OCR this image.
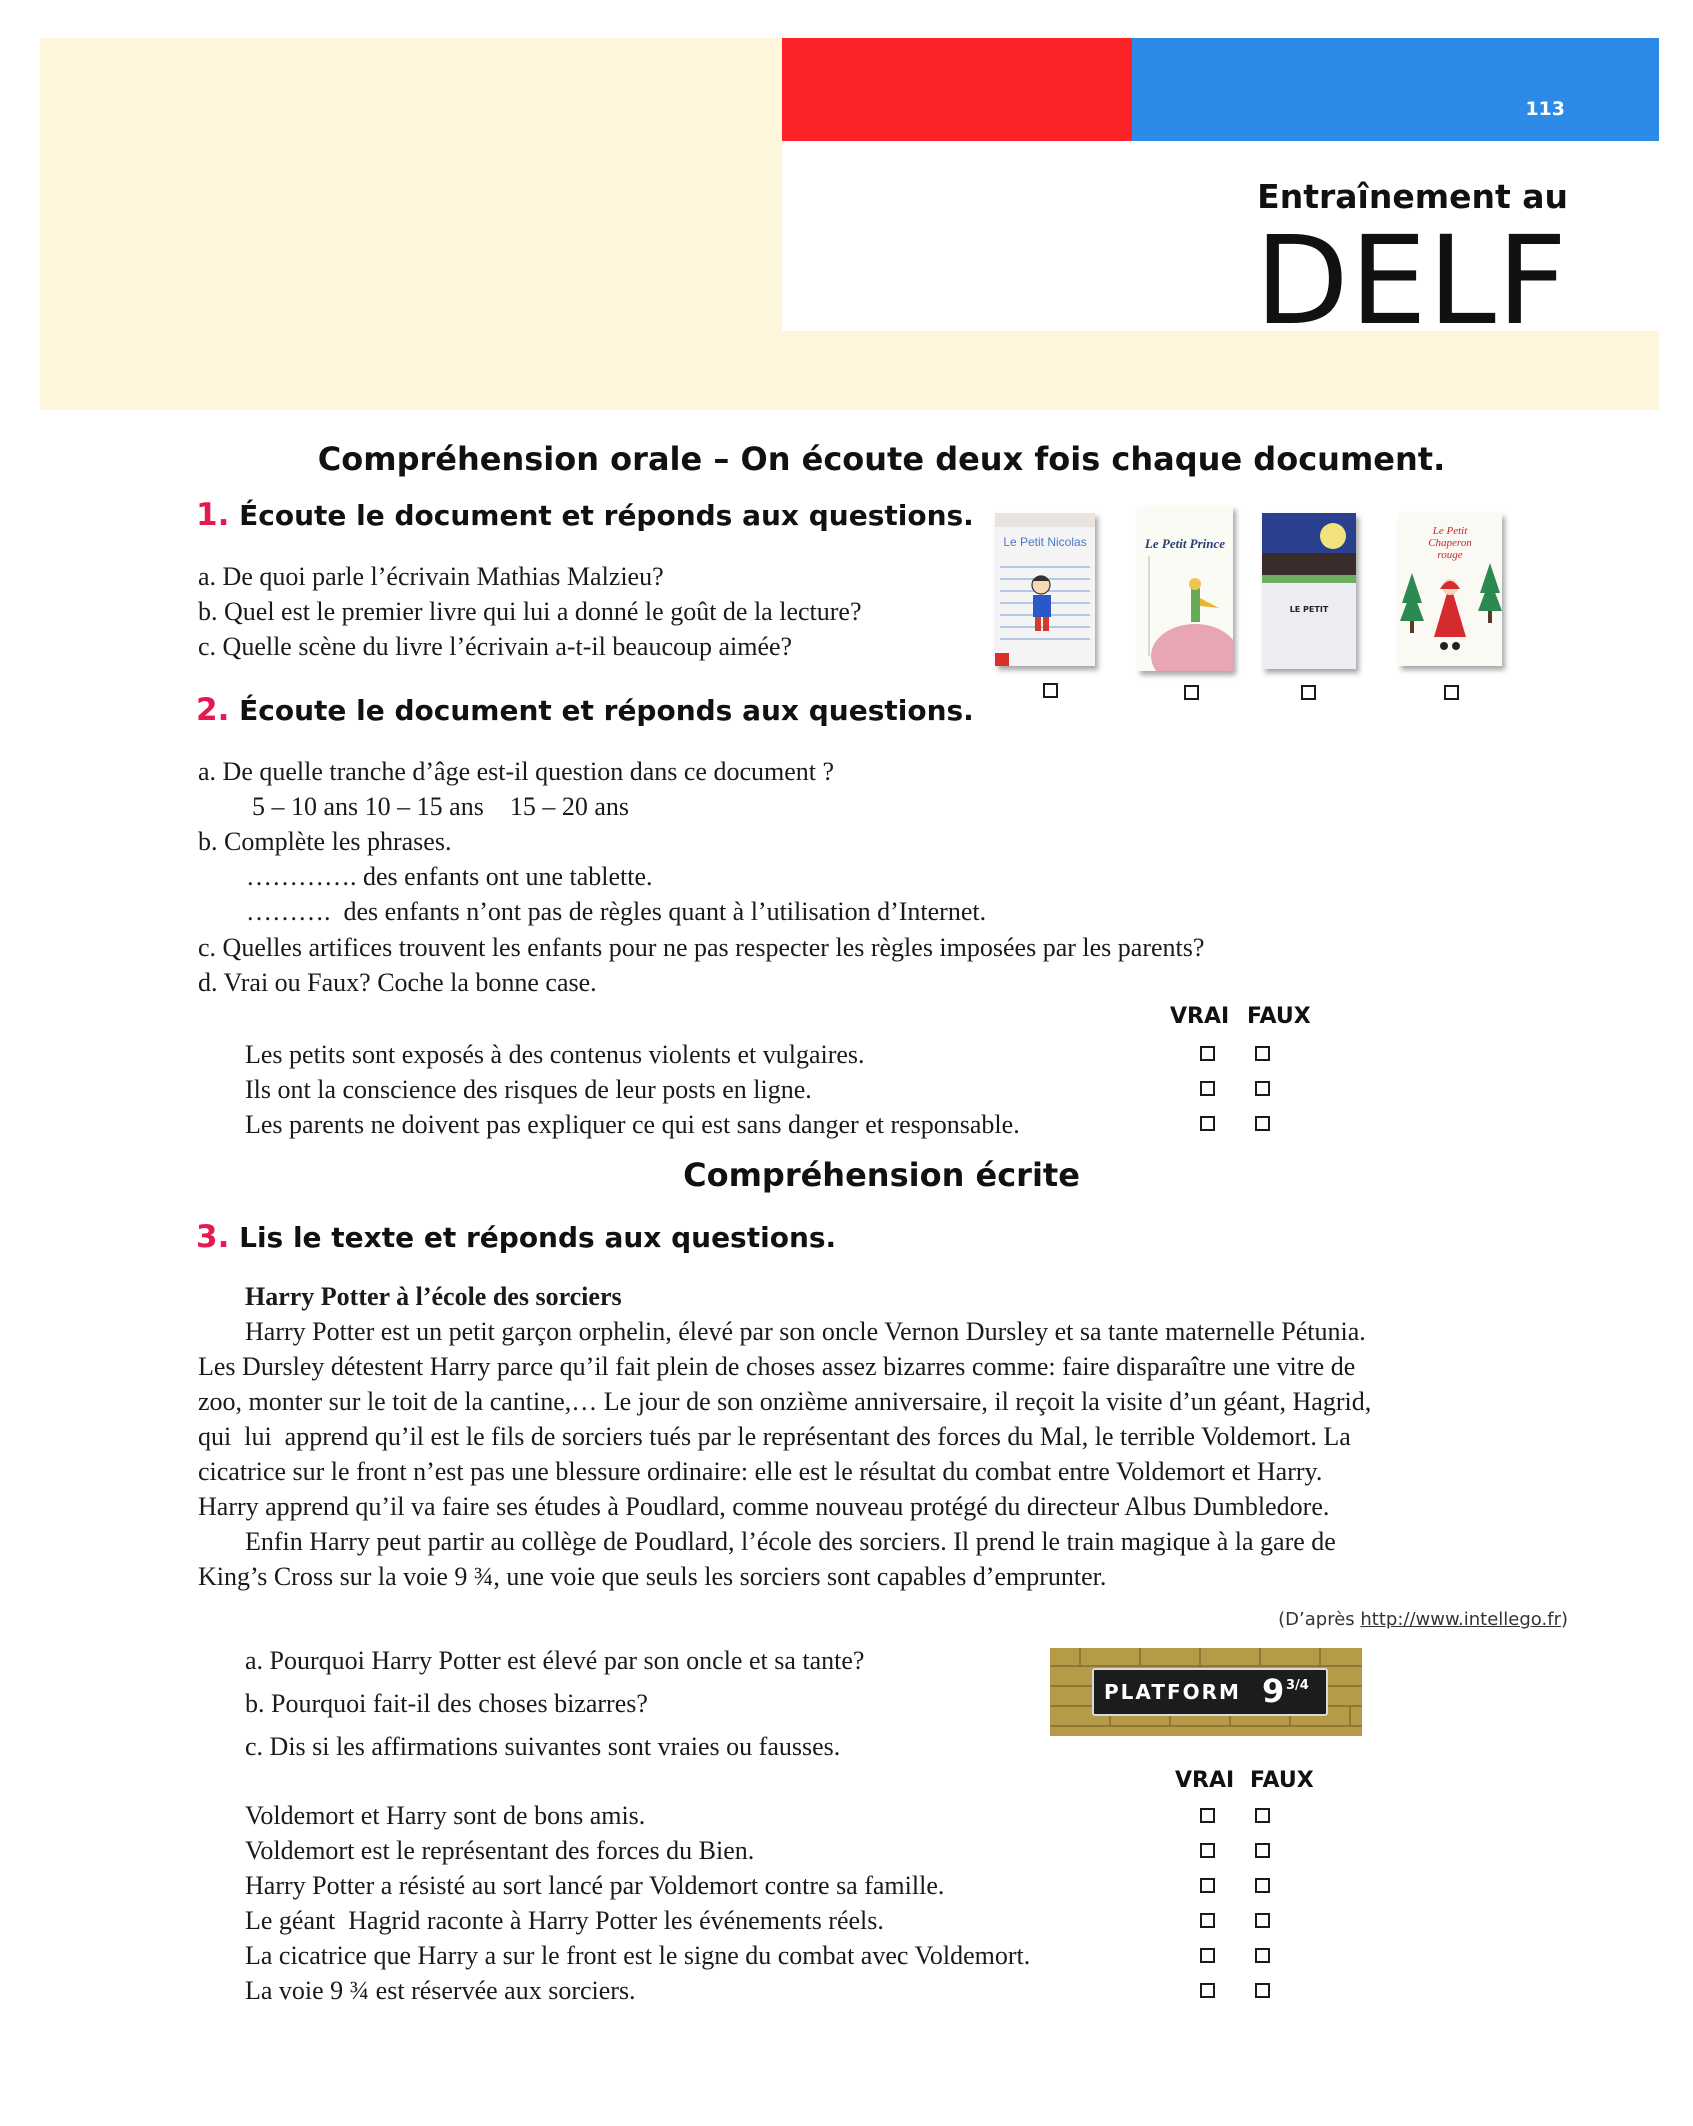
113
Entraînement au
DELF
Compréhension orale – On écoute deux fois chaque document.
1. Écoute le document et réponds aux questions.
a. De quoi parle l’écrivain Mathias Malzieu?
b. Quel est le premier livre qui lui a donné le goût de la lecture?
c. Quelle scène du livre l’écrivain a-t-il beaucoup aimée?
Le Petit Nicolas	Le Petit Prince
LE PETIT
Le Petit Chaperon rouge
2. Écoute le document et réponds aux questions.
a. De quelle tranche d’âge est-il question dans ce document ?
5 – 10 ans 10 – 15 ans    15 – 20 ans
b. Complète les phrases.
…………. des enfants ont une tablette.
……….  des enfants n’ont pas de règles quant à l’utilisation d’Internet.
c. Quelles artifices trouvent les enfants pour ne pas respecter les règles imposées par les parents?
d. Vrai ou Faux? Coche la bonne case.
VRAI FAUX
Les petits sont exposés à des contenus violents et vulgaires.
Ils ont la conscience des risques de leur posts en ligne.
Les parents ne doivent pas expliquer ce qui est sans danger et responsable.
Compréhension écrite
3. Lis le texte et réponds aux questions.
Harry Potter à l’école des sorciers
Harry Potter est un petit garçon orphelin, élevé par son oncle Vernon Dursley et sa tante maternelle Pétunia.
Les Dursley détestent Harry parce qu’il fait plein de choses assez bizarres comme: faire disparaître une vitre de
zoo, monter sur le toit de la cantine,… Le jour de son onzième anniversaire, il reçoit la visite d’un géant, Hagrid,
qui  lui  apprend qu’il est le fils de sorciers tués par le représentant des forces du Mal, le terrible Voldemort. La
cicatrice sur le front n’est pas une blessure ordinaire: elle est le résultat du combat entre Voldemort et Harry.
Harry apprend qu’il va faire ses études à Poudlard, comme nouveau protégé du directeur Albus Dumbledore.
Enfin Harry peut partir au collège de Poudlard, l’école des sorciers. Il prend le train magique à la gare de
King’s Cross sur la voie 9 ¾, une voie que seuls les sorciers sont capables d’emprunter.
(D’après http://www.intellego.fr)
a. Pourquoi Harry Potter est élevé par son oncle et sa tante?
b. Pourquoi fait-il des choses bizarres?
c. Dis si les affirmations suivantes sont vraies ou fausses.
PLATFORM 9 3/4
VRAI FAUX
Voldemort et Harry sont de bons amis.
Voldemort est le représentant des forces du Bien.
Harry Potter a résisté au sort lancé par Voldemort contre sa famille.
Le géant  Hagrid raconte à Harry Potter les événements réels.
La cicatrice que Harry a sur le front est le signe du combat avec Voldemort.
La voie 9 ¾ est réservée aux sorciers.
